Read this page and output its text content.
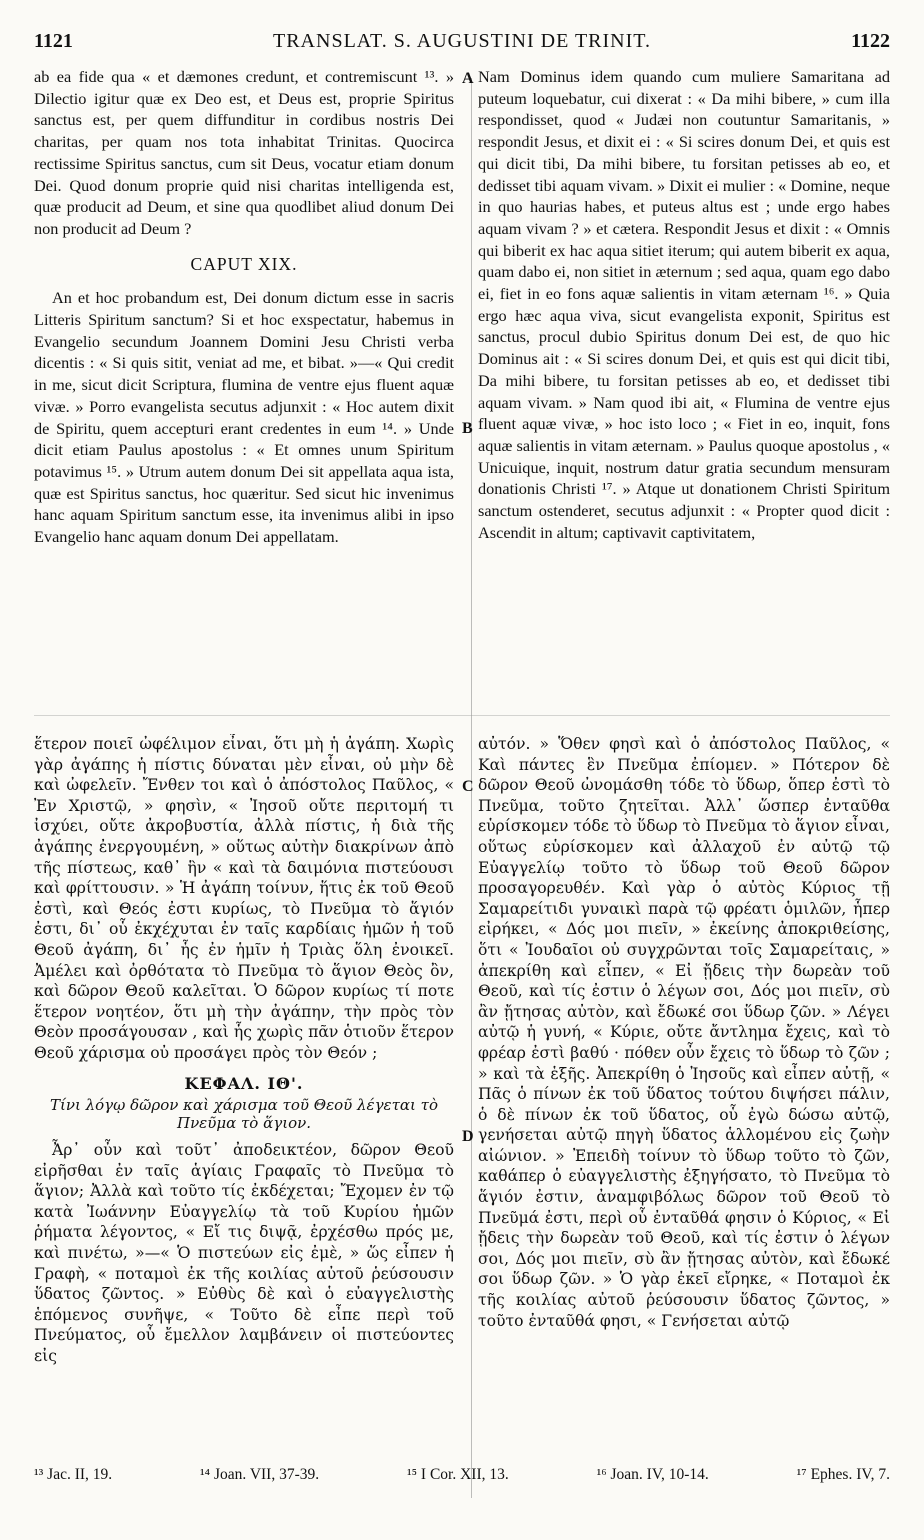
1121	TRANSLAT. S. AUGUSTINI DE TRINIT.	1122
A
B
C
D

ab ea fide qua « et dæmones credunt, et contremiscunt ¹³. » Dilectio igitur quæ ex Deo est, et Deus est, proprie Spiritus sanctus est, per quem diffunditur in cordibus nostris Dei charitas, per quam nos tota inhabitat Trinitas. Quocirca rectissime Spiritus sanctus, cum sit Deus, vocatur etiam donum Dei. Quod donum proprie quid nisi charitas intelligenda est, quæ producit ad Deum, et sine qua quodlibet aliud donum Dei non producit ad Deum ?

CAPUT XIX.

An et hoc probandum est, Dei donum dictum esse in sacris Litteris Spiritum sanctum? Si et hoc exspectatur, habemus in Evangelio secundum Joannem Domini Jesu Christi verba dicentis : « Si quis sitit, veniat ad me, et bibat. »—« Qui credit in me, sicut dicit Scriptura, flumina de ventre ejus fluent aquæ vivæ. » Porro evangelista secutus adjunxit : « Hoc autem dixit de Spiritu, quem accepturi erant credentes in eum ¹⁴. » Unde dicit etiam Paulus apostolus : « Et omnes unum Spiritum potavimus ¹⁵. » Utrum autem donum Dei sit appellata aqua ista, quæ est Spiritus sanctus, hoc quæritur. Sed sicut hic invenimus hanc aquam Spiritum sanctum esse, ita invenimus alibi in ipso Evangelio hanc aquam donum Dei appellatam.

Nam Dominus idem quando cum muliere Samaritana ad puteum loquebatur, cui dixerat : « Da mihi bibere, » cum illa respondisset, quod « Judæi non coutuntur Samaritanis, » respondit Jesus, et dixit ei : « Si scires donum Dei, et quis est qui dicit tibi, Da mihi bibere, tu forsitan petisses ab eo, et dedisset tibi aquam vivam. » Dixit ei mulier : « Domine, neque in quo haurias habes, et puteus altus est ; unde ergo habes aquam vivam ? » et cætera. Respondit Jesus et dixit : « Omnis qui biberit ex hac aqua sitiet iterum; qui autem biberit ex aqua, quam dabo ei, non sitiet in æternum ; sed aqua, quam ego dabo ei, fiet in eo fons aquæ salientis in vitam æternam ¹⁶. » Quia ergo hæc aqua viva, sicut evangelista exponit, Spiritus est sanctus, procul dubio Spiritus donum Dei est, de quo hic Dominus ait : « Si scires donum Dei, et quis est qui dicit tibi, Da mihi bibere, tu forsitan petisses ab eo, et dedisset tibi aquam vivam. » Nam quod ibi ait, « Flumina de ventre ejus fluent aquæ vivæ, » hoc isto loco ; « Fiet in eo, inquit, fons aquæ salientis in vitam æternam. » Paulus quoque apostolus , « Unicuique, inquit, nostrum datur gratia secundum mensuram donationis Christi ¹⁷. » Atque ut donationem Christi Spiritum sanctum ostenderet, secutus adjunxit : « Propter quod dicit : Ascendit in altum; captivavit captivitatem,

ἕτερον ποιεῖ ὠφέλιμον εἶναι, ὅτι μὴ ἡ ἀγάπη. Χωρὶς γὰρ ἀγάπης ἡ πίστις δύναται μὲν εἶναι, οὐ μὴν δὲ καὶ ὠφελεῖν. Ἔνθεν τοι καὶ ὁ ἀπόστολος Παῦλος, « Ἐν Χριστῷ, » φησὶν, « Ἰησοῦ οὔτε περιτομή τι ἰσχύει, οὔτε ἀκροβυστία, ἀλλὰ πίστις, ἡ διὰ τῆς ἀγάπης ἐνεργουμένη, » οὕτως αὐτὴν διακρίνων ἀπὸ τῆς πίστεως, καθ᾽ ἣν « καὶ τὰ δαιμόνια πιστεύουσι καὶ φρίττουσιν. » Ἡ ἀγάπη τοίνυν, ἥτις ἐκ τοῦ Θεοῦ ἐστὶ, καὶ Θεός ἐστι κυρίως, τὸ Πνεῦμα τὸ ἅγιόν ἐστι, δι᾽ οὗ ἐκχέχυται ἐν ταῖς καρδίαις ἡμῶν ἡ τοῦ Θεοῦ ἀγάπη, δι᾽ ἧς ἐν ἡμῖν ἡ Τριὰς ὅλη ἐνοικεῖ. Ἀμέλει καὶ ὀρθότατα τὸ Πνεῦμα τὸ ἅγιον Θεὸς ὂν, καὶ δῶρον Θεοῦ καλεῖται. Ὁ δῶρον κυρίως τί ποτε ἕτερον νοητέον, ὅτι μὴ τὴν ἀγάπην, τὴν πρὸς τὸν Θεὸν προσάγουσαν , καὶ ἧς χωρὶς πᾶν ὁτιοῦν ἕτερον Θεοῦ χάρισμα οὐ προσάγει πρὸς τὸν Θεόν ;

ΚΕΦΑΛ. ΙΘ'.

Τίνι λόγῳ δῶρον καὶ χάρισμα τοῦ Θεοῦ λέγεται τὸ Πνεῦμα τὸ ἅγιον.

Ἆρ᾽ οὖν καὶ τοῦτ᾽ ἀποδεικτέον, δῶρον Θεοῦ εἰρῆσθαι ἐν ταῖς ἁγίαις Γραφαῖς τὸ Πνεῦμα τὸ ἅγιον; Ἀλλὰ καὶ τοῦτο τίς ἐκδέχεται; Ἔχομεν ἐν τῷ κατὰ Ἰωάννην Εὐαγγελίῳ τὰ τοῦ Κυρίου ἡμῶν ῥήματα λέγοντος, « Εἴ τις διψᾷ, ἐρχέσθω πρός με, καὶ πινέτω, »—« Ὁ πιστεύων εἰς ἐμὲ, » ὥς εἶπεν ἡ Γραφὴ, « ποταμοὶ ἐκ τῆς κοιλίας αὐτοῦ ῥεύσουσιν ὕδατος ζῶντος. » Εὐθὺς δὲ καὶ ὁ εὐαγγελιστὴς ἑπόμενος συνῆψε, « Τοῦτο δὲ εἶπε περὶ τοῦ Πνεύματος, οὗ ἔμελλον λαμβάνειν οἱ πιστεύοντες εἰς

αὐτόν. » Ὅθεν φησὶ καὶ ὁ ἀπόστολος Παῦλος, « Καὶ πάντες ἓν Πνεῦμα ἐπίομεν. » Πότερον δὲ δῶρον Θεοῦ ὠνομάσθη τόδε τὸ ὕδωρ, ὅπερ ἐστὶ τὸ Πνεῦμα, τοῦτο ζητεῖται. Ἀλλ᾽ ὥσπερ ἐνταῦθα εὑρίσκομεν τόδε τὸ ὕδωρ τὸ Πνεῦμα τὸ ἅγιον εἶναι, οὕτως εὑρίσκομεν καὶ ἀλλαχοῦ ἐν αὐτῷ τῷ Εὐαγγελίῳ τοῦτο τὸ ὕδωρ τοῦ Θεοῦ δῶρον προσαγορευθέν. Καὶ γὰρ ὁ αὐτὸς Κύριος τῇ Σαμαρείτιδι γυναικὶ παρὰ τῷ φρέατι ὁμιλῶν, ἧπερ εἰρήκει, « Δός μοι πιεῖν, » ἐκείνης ἀποκριθείσης, ὅτι « Ἰουδαῖοι οὐ συγχρῶνται τοῖς Σαμαρείταις, » ἀπεκρίθη καὶ εἶπεν, « Εἰ ᾔδεις τὴν δωρεὰν τοῦ Θεοῦ, καὶ τίς ἐστιν ὁ λέγων σοι, Δός μοι πιεῖν, σὺ ἂν ᾔτησας αὐτὸν, καὶ ἔδωκέ σοι ὕδωρ ζῶν. » Λέγει αὐτῷ ἡ γυνή, « Κύριε, οὔτε ἄντλημα ἔχεις, καὶ τὸ φρέαρ ἐστὶ βαθύ · πόθεν οὖν ἔχεις τὸ ὕδωρ τὸ ζῶν ; » καὶ τὰ ἑξῆς. Ἀπεκρίθη ὁ Ἰησοῦς καὶ εἶπεν αὐτῇ, « Πᾶς ὁ πίνων ἐκ τοῦ ὕδατος τούτου διψήσει πάλιν, ὁ δὲ πίνων ἐκ τοῦ ὕδατος, οὗ ἐγὼ δώσω αὐτῷ, γενήσεται αὐτῷ πηγὴ ὕδατος ἁλλομένου εἰς ζωὴν αἰώνιον. » Ἐπειδὴ τοίνυν τὸ ὕδωρ τοῦτο τὸ ζῶν, καθάπερ ὁ εὐαγγελιστὴς ἐξηγήσατο, τὸ Πνεῦμα τὸ ἅγιόν ἐστιν, ἀναμφιβόλως δῶρον τοῦ Θεοῦ τὸ Πνεῦμά ἐστι, περὶ οὗ ἐνταῦθά φησιν ὁ Κύριος, « Εἰ ᾔδεις τὴν δωρεὰν τοῦ Θεοῦ, καὶ τίς ἐστιν ὁ λέγων σοι, Δός μοι πιεῖν, σὺ ἂν ᾔτησας αὐτὸν, καὶ ἔδωκέ σοι ὕδωρ ζῶν. » Ὁ γὰρ ἐκεῖ εἴρηκε, « Ποταμοὶ ἐκ τῆς κοιλίας αὐτοῦ ῥεύσουσιν ὕδατος ζῶντος, » τοῦτο ἐνταῦθά φησι, « Γενήσεται αὐτῷ

¹³ Jac. II, 19.	¹⁴ Joan. VII, 37-39.	¹⁵ I Cor. XII, 13.	¹⁶ Joan. IV, 10-14.	¹⁷ Ephes. IV, 7.
